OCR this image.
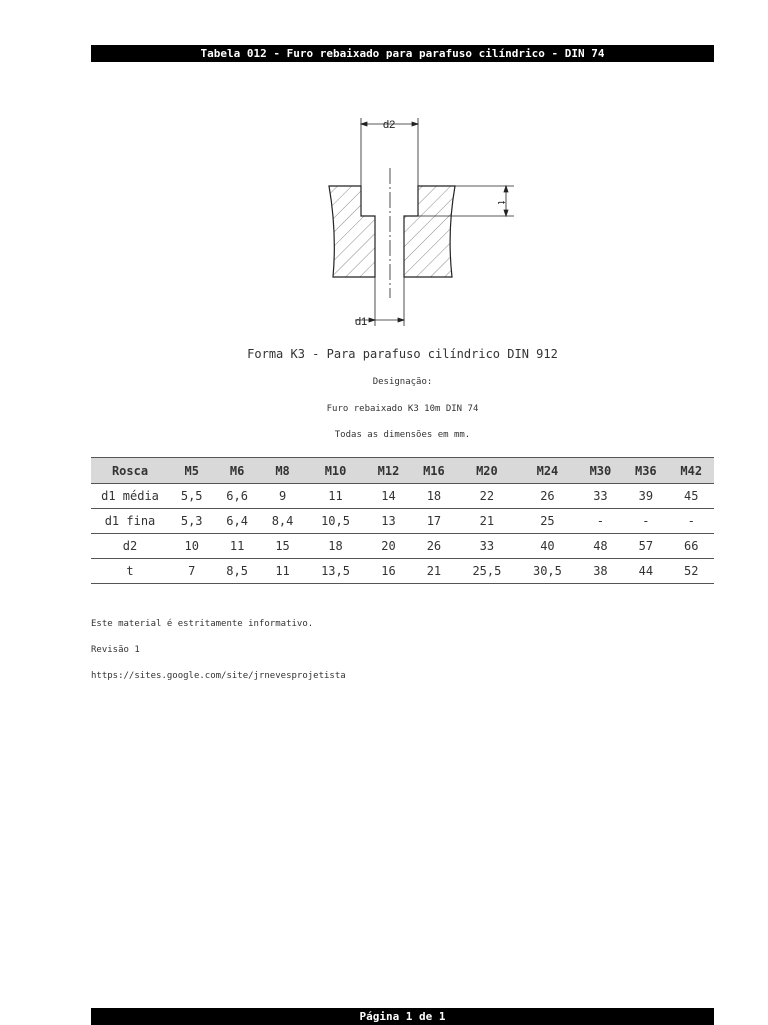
Tabela 012 - Furo rebaixado para parafuso cilíndrico - DIN 74
d2
t
d1
Forma K3 - Para parafuso cilíndrico DIN 912
Designação:
Furo rebaixado K3 10m DIN 74
Todas as dimensões em mm.
Rosca	M5	M6	M8	M10	M12	M16	M20	M24	M30	M36	M42
d1 média	5,5	6,6	9	11	14	18	22	26	33	39	45
d1 fina	5,3	6,4	8,4	10,5	13	17	21	25	-	-	-
d2	10	11	15	18	20	26	33	40	48	57	66
t	7	8,5	11	13,5	16	21	25,5	30,5	38	44	52
Este material é estritamente informativo.
Revisão 1
https://sites.google.com/site/jrnevesprojetista
Página 1 de 1
